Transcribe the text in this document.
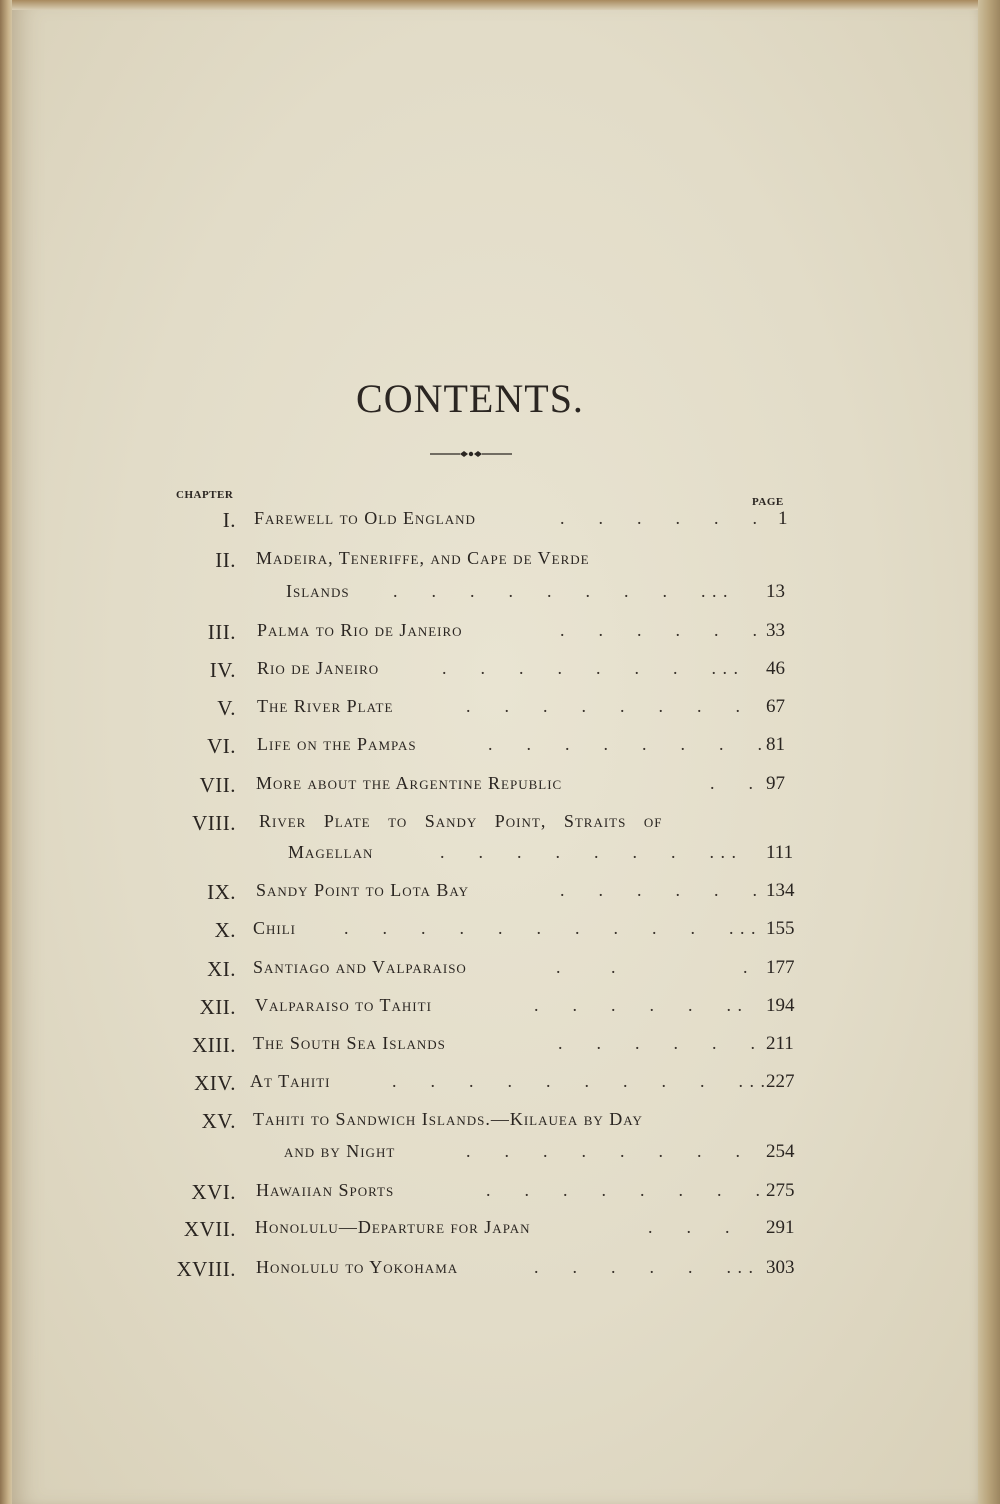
CONTENTS.
CHAPTER
PAGE
I. Farewell to Old England	.      .      .      .      .      . 1
II. Madeira, Teneriffe, and Cape de Verde
Islands .      .      .      .      .      .      .      .      . . . 13
III. Palma to Rio de Janeiro	.      .      .      .      .      . 33
IV. Rio de Janeiro	.      .      .      .      .      .      .      . . . 46
V. The River Plate	.      .      .      .      .      .      .      . 67
VI. Life on the Pampas	.      .      .      .      .      .      .      . 81
VII. More about the Argentine Republic	.      . 97
VIII. River Plate to Sandy Point, Straits of
Magellan	.      .      .      .      .      .      .      . . . 111
IX. Sandy Point to Lota Bay	.      .      .      .      .      . 134
X. Chili	.      .      .      .      .      .      .      .      .      .      . . . 155
XI. Santiago and Valparaiso	.         .                       . 177
XII. Valparaiso to Tahiti	.      .      .      .      .      . . 194
XIII. The South Sea Islands	.      .      .      .      .      . 211
XIV. At Tahiti	.      .      .      .      .      .      .      .      .      . . . 227
XV. Tahiti to Sandwich Islands.—Kilauea by Day
and by Night	.      .      .      .      .      .      .      . 254
XVI. Hawaiian Sports	.      .      .      .      .      .      .      . 275
XVII. Honolulu—Departure for Japan	.      .      . 291
XVIII. Honolulu to Yokohama	.      .      .      .      .      . . . 303
